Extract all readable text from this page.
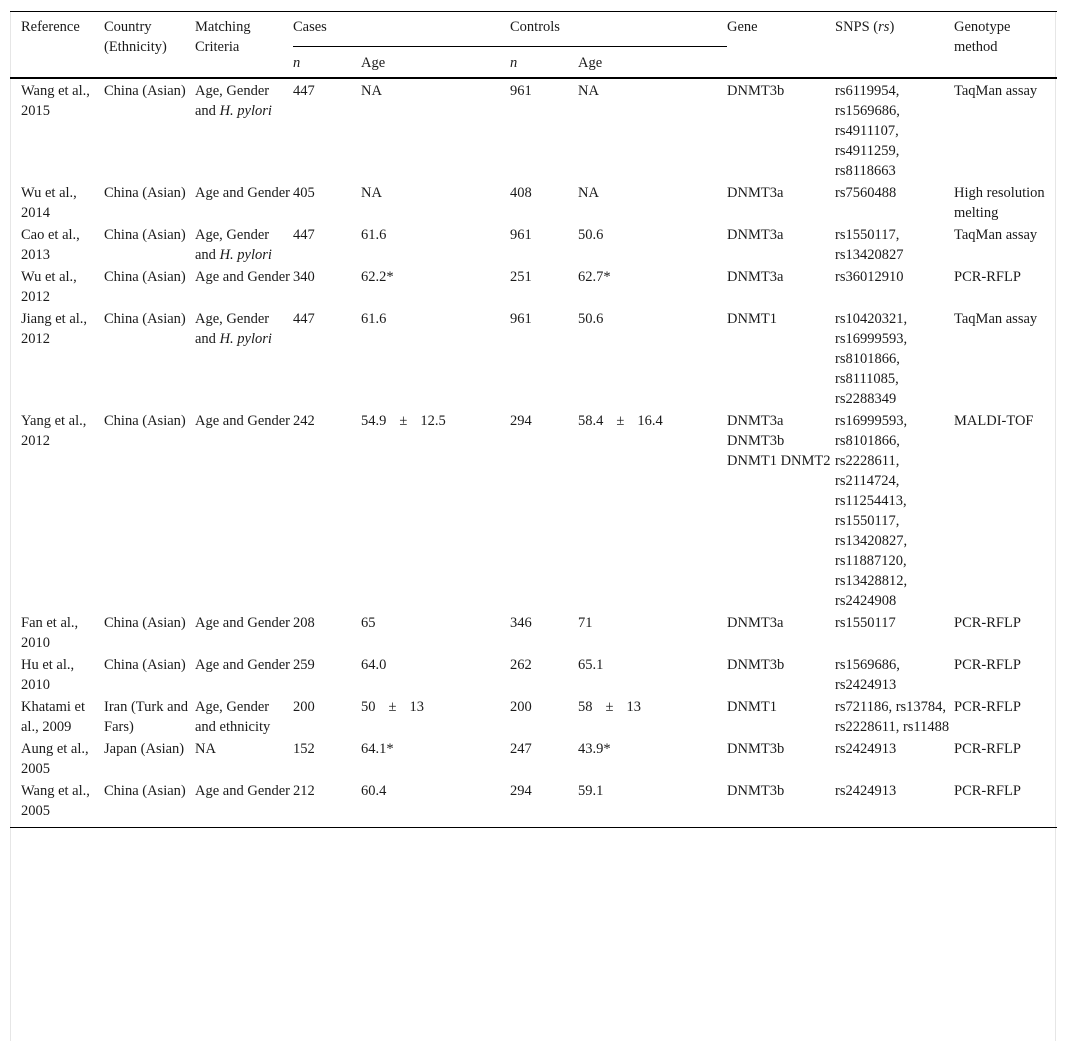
Reference	Country (Ethnicity)	Matching Criteria	Cases		Controls		Gene	SNPS (rs)	Genotype method
			n	Age	n	Age			
Wang et al., 2015	China (Asian)	Age, Gender and H. pylori	447	NA	961	NA	DNMT3b	rs6119954, rs1569686, rs4911107, rs4911259, rs8118663	TaqMan assay
Wu et al., 2014	China (Asian)	Age and Gender	405	NA	408	NA	DNMT3a	rs7560488	High resolution melting
Cao et al., 2013	China (Asian)	Age, Gender and H. pylori	447	61.6	961	50.6	DNMT3a	rs1550117, rs13420827	TaqMan assay
Wu et al., 2012	China (Asian)	Age and Gender	340	62.2*	251	62.7*	DNMT3a	rs36012910	PCR-RFLP
Jiang et al., 2012	China (Asian)	Age, Gender and H. pylori	447	61.6	961	50.6	DNMT1	rs10420321, rs16999593, rs8101866, rs8111085, rs2288349	TaqMan assay
Yang et al., 2012	China (Asian)	Age and Gender	242	54.9 ± 12.5	294	58.4 ± 16.4	DNMT3a DNMT3b DNMT1 DNMT2	rs16999593, rs8101866, rs2228611, rs2114724, rs11254413, rs1550117, rs13420827, rs11887120, rs13428812, rs2424908	MALDI-TOF
Fan et al., 2010	China (Asian)	Age and Gender	208	65	346	71	DNMT3a	rs1550117	PCR-RFLP
Hu et al., 2010	China (Asian)	Age and Gender	259	64.0	262	65.1	DNMT3b	rs1569686, rs2424913	PCR-RFLP
Khatami et al., 2009	Iran (Turk and Fars)	Age, Gender and ethnicity	200	50 ± 13	200	58 ± 13	DNMT1	rs721186, rs13784, rs2228611, rs11488	PCR-RFLP
Aung et al., 2005	Japan (Asian)	NA	152	64.1*	247	43.9*	DNMT3b	rs2424913	PCR-RFLP
Wang et al., 2005	China (Asian)	Age and Gender	212	60.4	294	59.1	DNMT3b	rs2424913	PCR-RFLP
